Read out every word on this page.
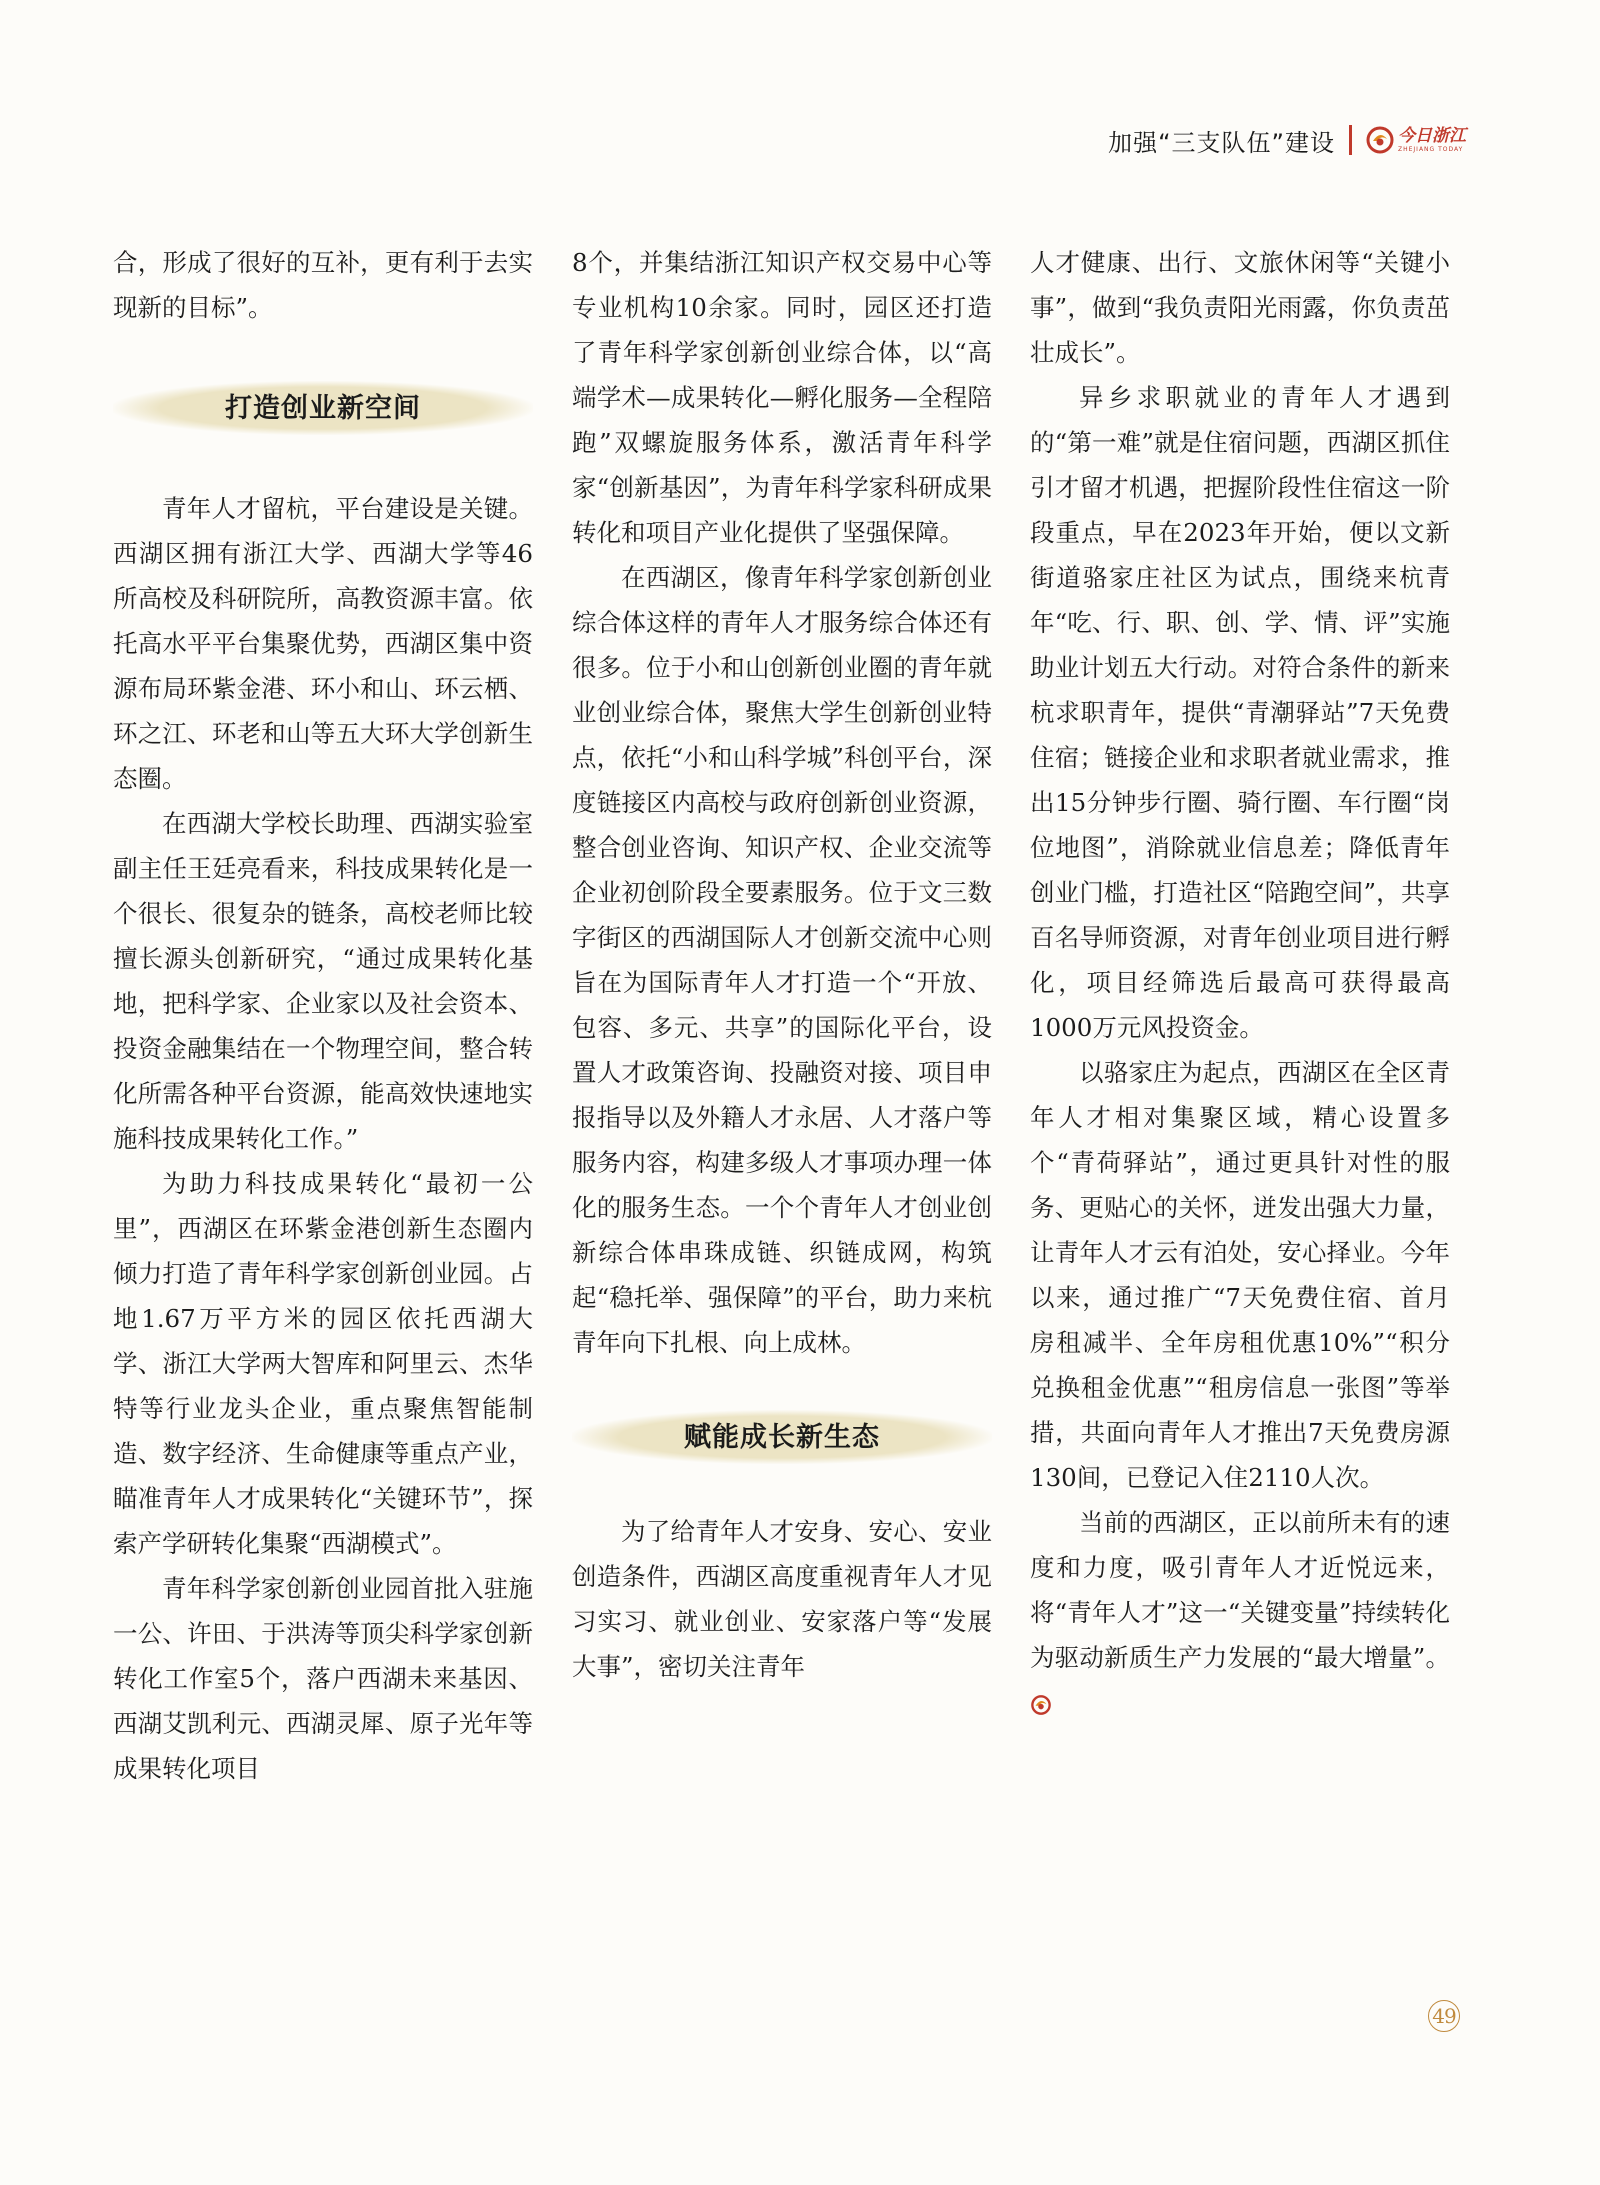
加强“三支队伍”建设	今日浙江
ZHEJIANG TODAY

合，形成了很好的互补，更有利于去实现新的目标”。

打造创业新空间

青年人才留杭，平台建设是关键。西湖区拥有浙江大学、西湖大学等46所高校及科研院所，高教资源丰富。依托高水平平台集聚优势，西湖区集中资源布局环紫金港、环小和山、环云栖、环之江、环老和山等五大环大学创新生态圈。

在西湖大学校长助理、西湖实验室副主任王廷亮看来，科技成果转化是一个很长、很复杂的链条，高校老师比较擅长源头创新研究，“通过成果转化基地，把科学家、企业家以及社会资本、投资金融集结在一个物理空间，整合转化所需各种平台资源，能高效快速地实施科技成果转化工作。”

为助力科技成果转化“最初一公里”，西湖区在环紫金港创新生态圈内倾力打造了青年科学家创新创业园。占地1.67万平方米的园区依托西湖大学、浙江大学两大智库和阿里云、杰华特等行业龙头企业，重点聚焦智能制造、数字经济、生命健康等重点产业，瞄准青年人才成果转化“关键环节”，探索产学研转化集聚“西湖模式”。

青年科学家创新创业园首批入驻施一公、许田、于洪涛等顶尖科学家创新转化工作室5个，落户西湖未来基因、西湖艾凯利元、西湖灵犀、原子光年等成果转化项目

8个，并集结浙江知识产权交易中心等专业机构10余家。同时，园区还打造了青年科学家创新创业综合体，以“高端学术—成果转化—孵化服务—全程陪跑”双螺旋服务体系，激活青年科学家“创新基因”，为青年科学家科研成果转化和项目产业化提供了坚强保障。

在西湖区，像青年科学家创新创业综合体这样的青年人才服务综合体还有很多。位于小和山创新创业圈的青年就业创业综合体，聚焦大学生创新创业特点，依托“小和山科学城”科创平台，深度链接区内高校与政府创新创业资源，整合创业咨询、知识产权、企业交流等企业初创阶段全要素服务。位于文三数字街区的西湖国际人才创新交流中心则旨在为国际青年人才打造一个“开放、包容、多元、共享”的国际化平台，设置人才政策咨询、投融资对接、项目申报指导以及外籍人才永居、人才落户等服务内容，构建多级人才事项办理一体化的服务生态。一个个青年人才创业创新综合体串珠成链、织链成网，构筑起“稳托举、强保障”的平台，助力来杭青年向下扎根、向上成林。

赋能成长新生态

为了给青年人才安身、安心、安业创造条件，西湖区高度重视青年人才见习实习、就业创业、安家落户等“发展大事”，密切关注青年

人才健康、出行、文旅休闲等“关键小事”，做到“我负责阳光雨露，你负责茁壮成长”。

异乡求职就业的青年人才遇到的“第一难”就是住宿问题，西湖区抓住引才留才机遇，把握阶段性住宿这一阶段重点，早在2023年开始，便以文新街道骆家庄社区为试点，围绕来杭青年“吃、行、职、创、学、情、评”实施助业计划五大行动。对符合条件的新来杭求职青年，提供“青潮驿站”7天免费住宿；链接企业和求职者就业需求，推出15分钟步行圈、骑行圈、车行圈“岗位地图”，消除就业信息差；降低青年创业门槛，打造社区“陪跑空间”，共享百名导师资源，对青年创业项目进行孵化，项目经筛选后最高可获得最高1000万元风投资金。

以骆家庄为起点，西湖区在全区青年人才相对集聚区域，精心设置多个“青荷驿站”，通过更具针对性的服务、更贴心的关怀，迸发出强大力量，让青年人才云有泊处，安心择业。今年以来，通过推广“7天免费住宿、首月房租减半、全年房租优惠10%”“积分兑换租金优惠”“租房信息一张图”等举措，共面向青年人才推出7天免费房源130间，已登记入住2110人次。

当前的西湖区，正以前所未有的速度和力度，吸引青年人才近悦远来，将“青年人才”这一“关键变量”持续转化为驱动新质生产力发展的“最大增量”。

49
